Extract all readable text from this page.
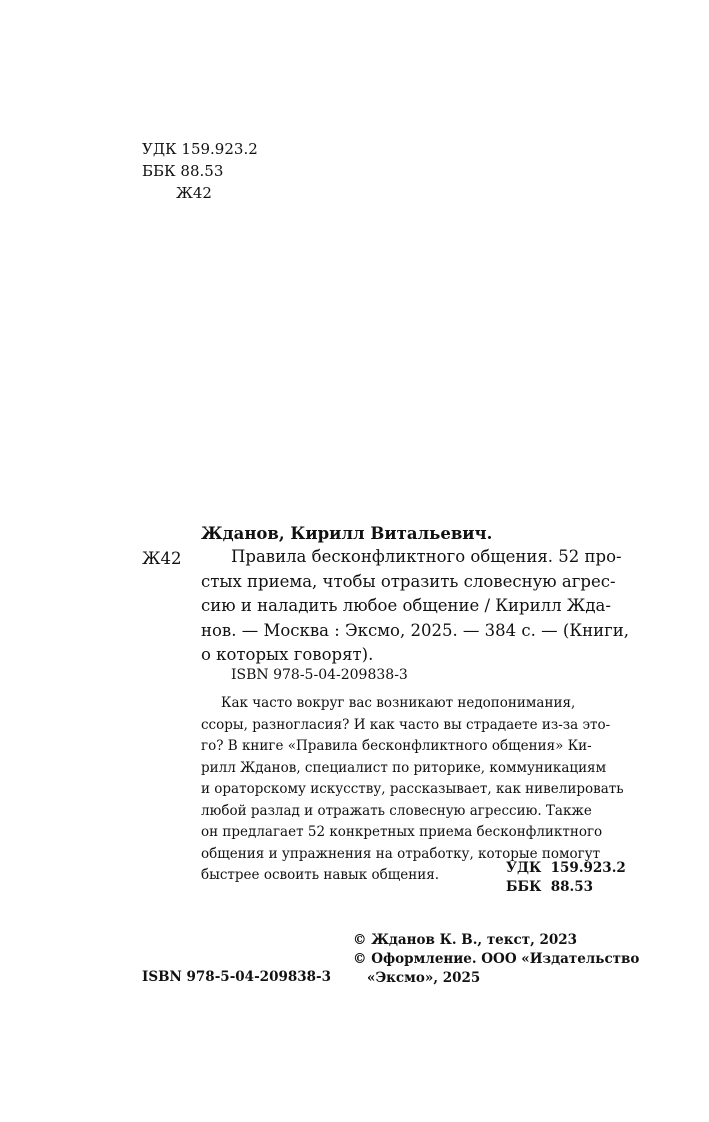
УДК 159.923.2
ББК 88.53
Ж42
Жданов, Кирилл Витальевич.
Ж42	Правила бесконфликтного общения. 52 про-
стых приема, чтобы отразить словесную агрес-
сию и наладить любое общение / Кирилл Жда-
нов. — Москва : Эксмо, 2025. — 384 с. — (Книги,
о которых говорят).
ISBN 978-5-04-209838-3
Как часто вокруг вас возникают недопонимания,
ссоры, разногласия? И как часто вы страдаете из-за это-
го? В книге «Правила бесконфликтного общения» Ки-
рилл Жданов, специалист по риторике, коммуникациям
и ораторскому искусству, рассказывает, как нивелировать
любой разлад и отражать словесную агрессию. Также
он предлагает 52 конкретных приема бесконфликтного
общения и упражнения на отработку, которые помогут
быстрее освоить навык общения.	УДК  159.923.2
ББК  88.53
© Жданов К. В., текст, 2023
© Оформление. ООО «Издательство
«Эксмо», 2025
ISBN 978-5-04-209838-3
